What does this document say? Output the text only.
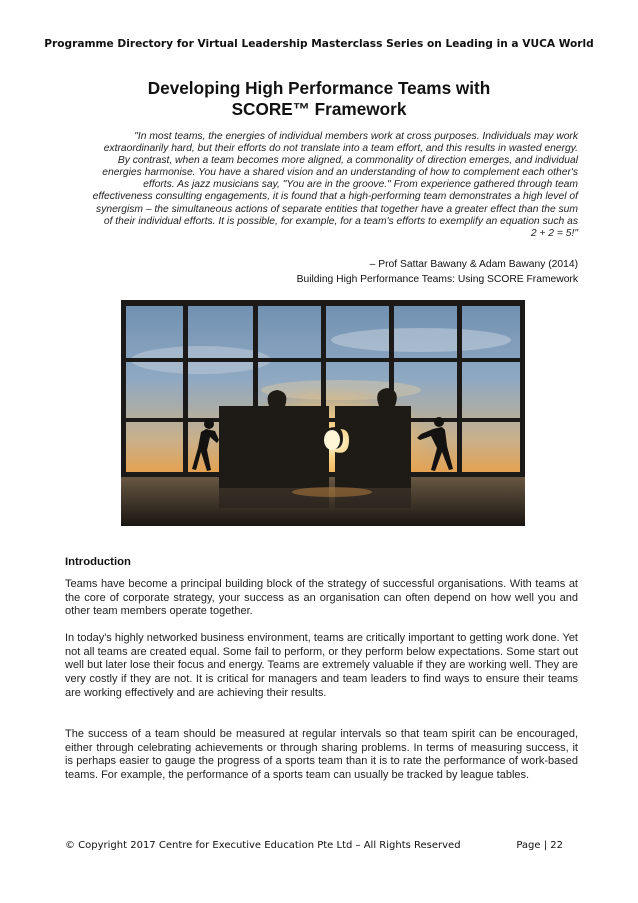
Programme Directory for Virtual Leadership Masterclass Series on Leading in a VUCA World
Developing High Performance Teams with
SCORE™ Framework
"In most teams, the energies of individual members work at cross purposes. Individuals may work
extraordinarily hard, but their efforts do not translate into a team effort, and this results in wasted energy.
By contrast, when a team becomes more aligned, a commonality of direction emerges, and individual
energies harmonise. You have a shared vision and an understanding of how to complement each other's
efforts. As jazz musicians say, "You are in the groove." From experience gathered through team
effectiveness consulting engagements, it is found that a high-performing team demonstrates a high level of
synergism – the simultaneous actions of separate entities that together have a greater effect than the sum
of their individual efforts. It is possible, for example, for a team's efforts to exemplify an equation such as
2 + 2 = 5!"
– Prof Sattar Bawany & Adam Bawany (2014)
Building High Performance Teams: Using SCORE Framework
Introduction

Teams have become a principal building block of the strategy of successful organisations. With teams at the core of corporate strategy, your success as an organisation can often depend on how well you and other team members operate together.

In today's highly networked business environment, teams are critically important to getting work done. Yet not all teams are created equal. Some fail to perform, or they perform below expectations. Some start out well but later lose their focus and energy. Teams are extremely valuable if they are working well. They are very costly if they are not. It is critical for managers and team leaders to find ways to ensure their teams are working effectively and are achieving their results.

The success of a team should be measured at regular intervals so that team spirit can be encouraged, either through celebrating achievements or through sharing problems. In terms of measuring success, it is perhaps easier to gauge the progress of a sports team than it is to rate the performance of work-based teams. For example, the performance of a sports team can usually be tracked by league tables.

© Copyright 2017 Centre for Executive Education Pte Ltd – All Rights Reserved	Page | 22
